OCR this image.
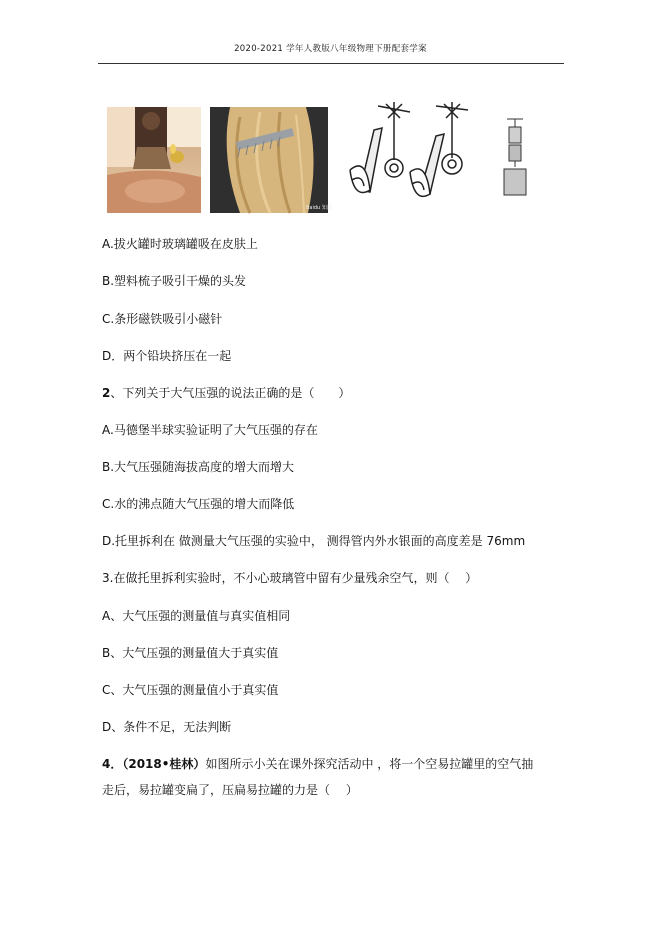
2020-2021 学年人教版八年级物理下册配套学案
Baidu 知道
A.拔火罐时玻璃罐吸在皮肤上
B.塑料梳子吸引干燥的头发
C.条形磁铁吸引小磁针
D．两个铅块挤压在一起
2、下列关于大气压强的说法正确的是（　　）
A.马德堡半球实验证明了大气压强的存在
B.大气压强随海拔高度的增大而增大
C.水的沸点随大气压强的增大而降低
D.托里拆利在 做测量大气压强的实验中， 测得管内外水银面的高度差是 76mm
3.在做托里拆利实验时，不小心玻璃管中留有少量残余空气，则（　 ）
A、大气压强的测量值与真实值相同
B、大气压强的测量值大于真实值
C、大气压强的测量值小于真实值
D、条件不足，无法判断
4．（2018•桂林）如图所示小关在课外探究活动中 ，将一个空易拉罐里的空气抽
走后，易拉罐变扁了，压扁易拉罐的力是（　 ）
